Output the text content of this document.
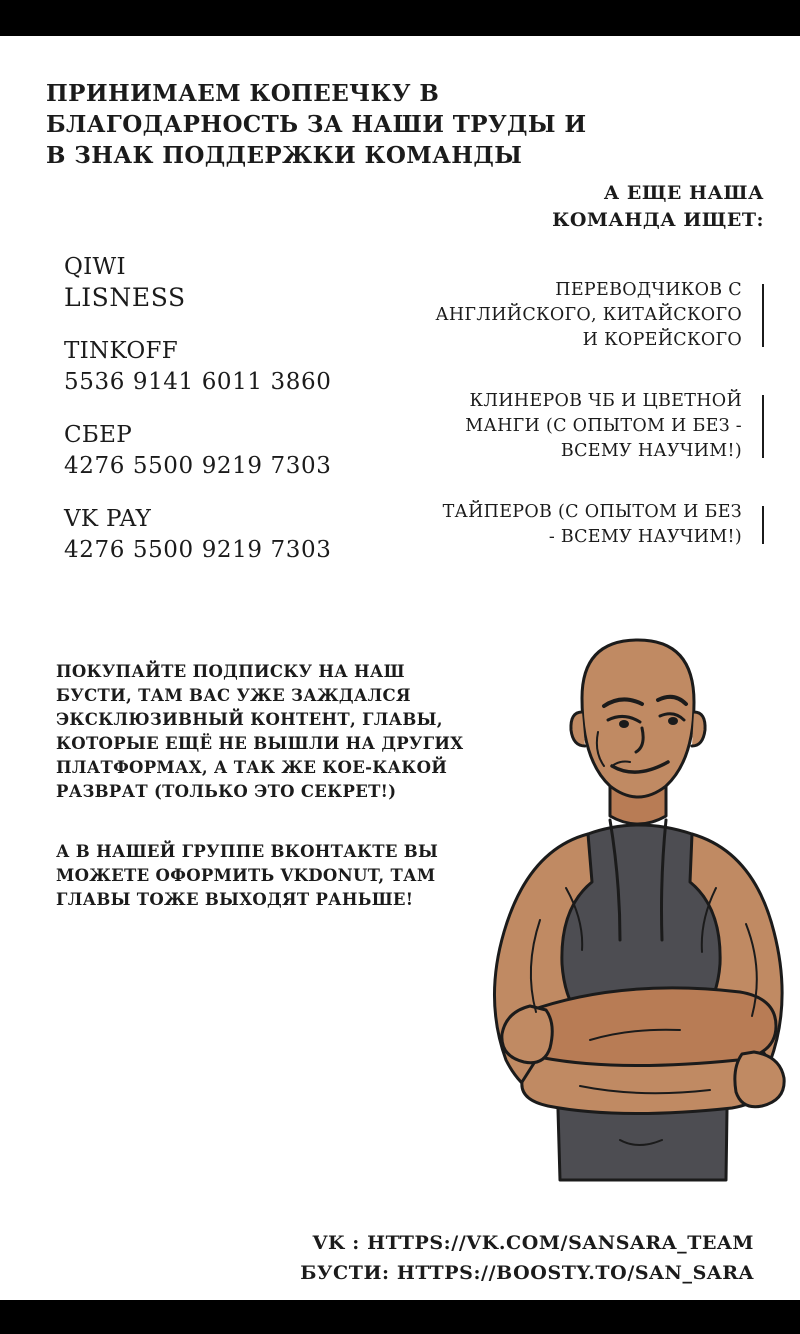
ПРИНИМАЕМ КОПЕЕЧКУ В
БЛАГОДАРНОСТЬ ЗА НАШИ ТРУДЫ И
В ЗНАК ПОДДЕРЖКИ КОМАНДЫ
QIWI
LISNESS
TINKOFF
5536 9141 6011 3860
СБЕР
4276 5500 9219 7303
VK PAY
4276 5500 9219 7303
А ЕЩЕ НАША
КОМАНДА ИЩЕТ:
ПЕРЕВОДЧИКОВ С АНГЛИЙСКОГО, КИТАЙСКОГО И КОРЕЙСКОГО
КЛИНЕРОВ ЧБ И ЦВЕТНОЙ МАНГИ (С ОПЫТОМ И БЕЗ - ВСЕМУ НАУЧИМ!)
ТАЙПЕРОВ (С ОПЫТОМ И БЕЗ - ВСЕМУ НАУЧИМ!)
ПОКУПАЙТЕ ПОДПИСКУ НА НАШ БУСТИ, ТАМ ВАС УЖЕ ЗАЖДАЛСЯ ЭКСКЛЮЗИВНЫЙ КОНТЕНТ, ГЛАВЫ, КОТОРЫЕ ЕЩЁ НЕ ВЫШЛИ НА ДРУГИХ ПЛАТФОРМАХ, А ТАК ЖЕ КОЕ-КАКОЙ РАЗВРАТ (ТОЛЬКО ЭТО СЕКРЕТ!)
А В НАШЕЙ ГРУППЕ ВКОНТАКТЕ ВЫ МОЖЕТЕ ОФОРМИТЬ VKDONUT, ТАМ ГЛАВЫ ТОЖЕ ВЫХОДЯТ РАНЬШЕ!
VK : HTTPS://VK.COM/SANSARA_TEAM
БУСТИ: HTTPS://BOOSTY.TO/SAN_SARA
